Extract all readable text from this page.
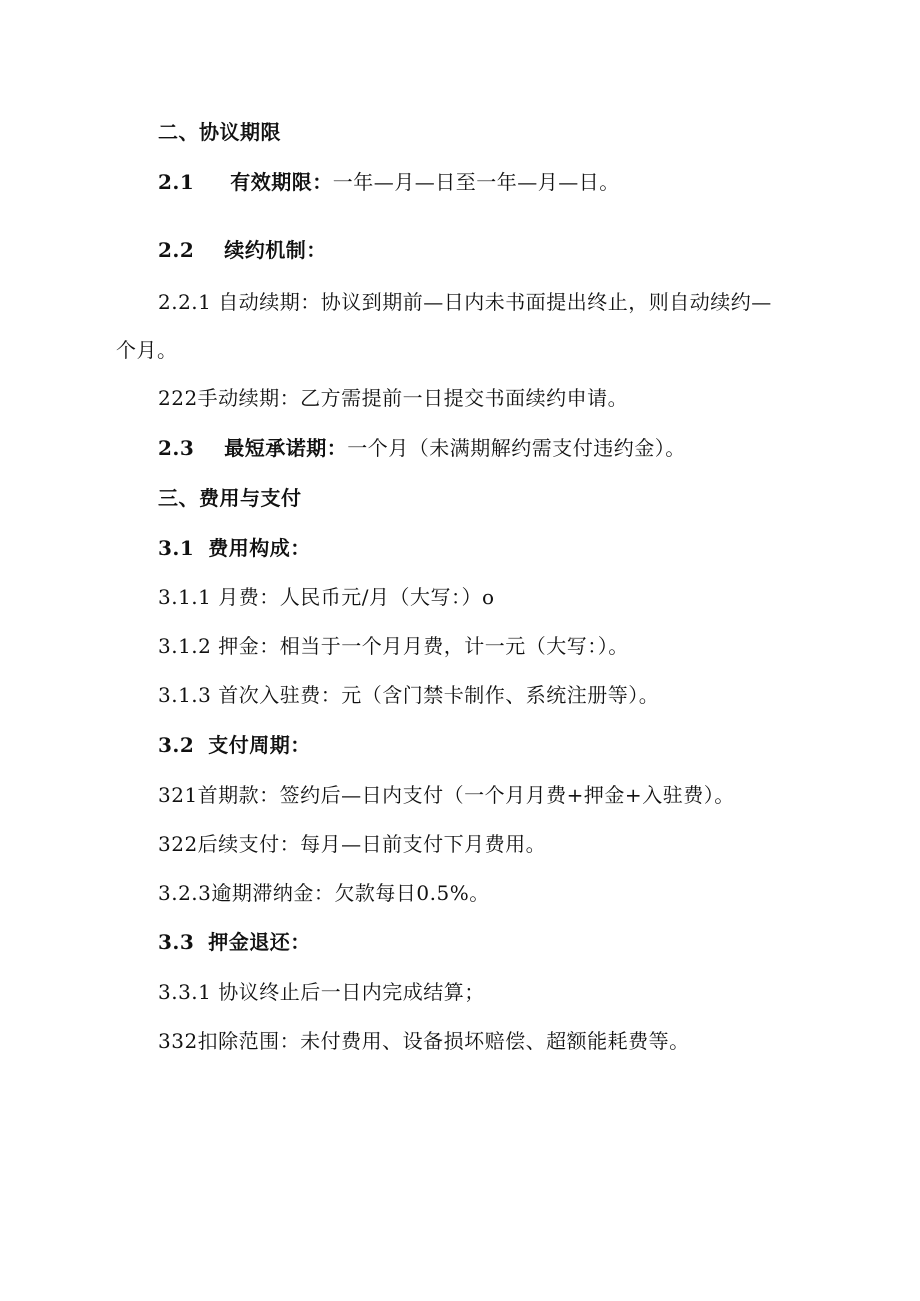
二、协议期限
2.1 有效期限：一年—月—日至一年—月—日。
2.2 续约机制：
2.2.1 自动续期：协议到期前—日内未书面提出终止，则自动续约—
个月。
222手动续期：乙方需提前一日提交书面续约申请。
2.3 最短承诺期：一个月（未满期解约需支付违约金）。
三、费用与支付
3.1 费用构成：
3.1.1 月费：人民币元/月（大写：）o
3.1.2 押金：相当于一个月月费，计一元（大写：）。
3.1.3 首次入驻费：元（含门禁卡制作、系统注册等）。
3.2 支付周期：
321首期款：签约后—日内支付（一个月月费+押金+入驻费）。
322后续支付：每月—日前支付下月费用。
3.2.3逾期滞纳金：欠款每日0.5%。
3.3 押金退还：
3.3.1 协议终止后一日内完成结算；
332扣除范围：未付费用、设备损坏赔偿、超额能耗费等。
